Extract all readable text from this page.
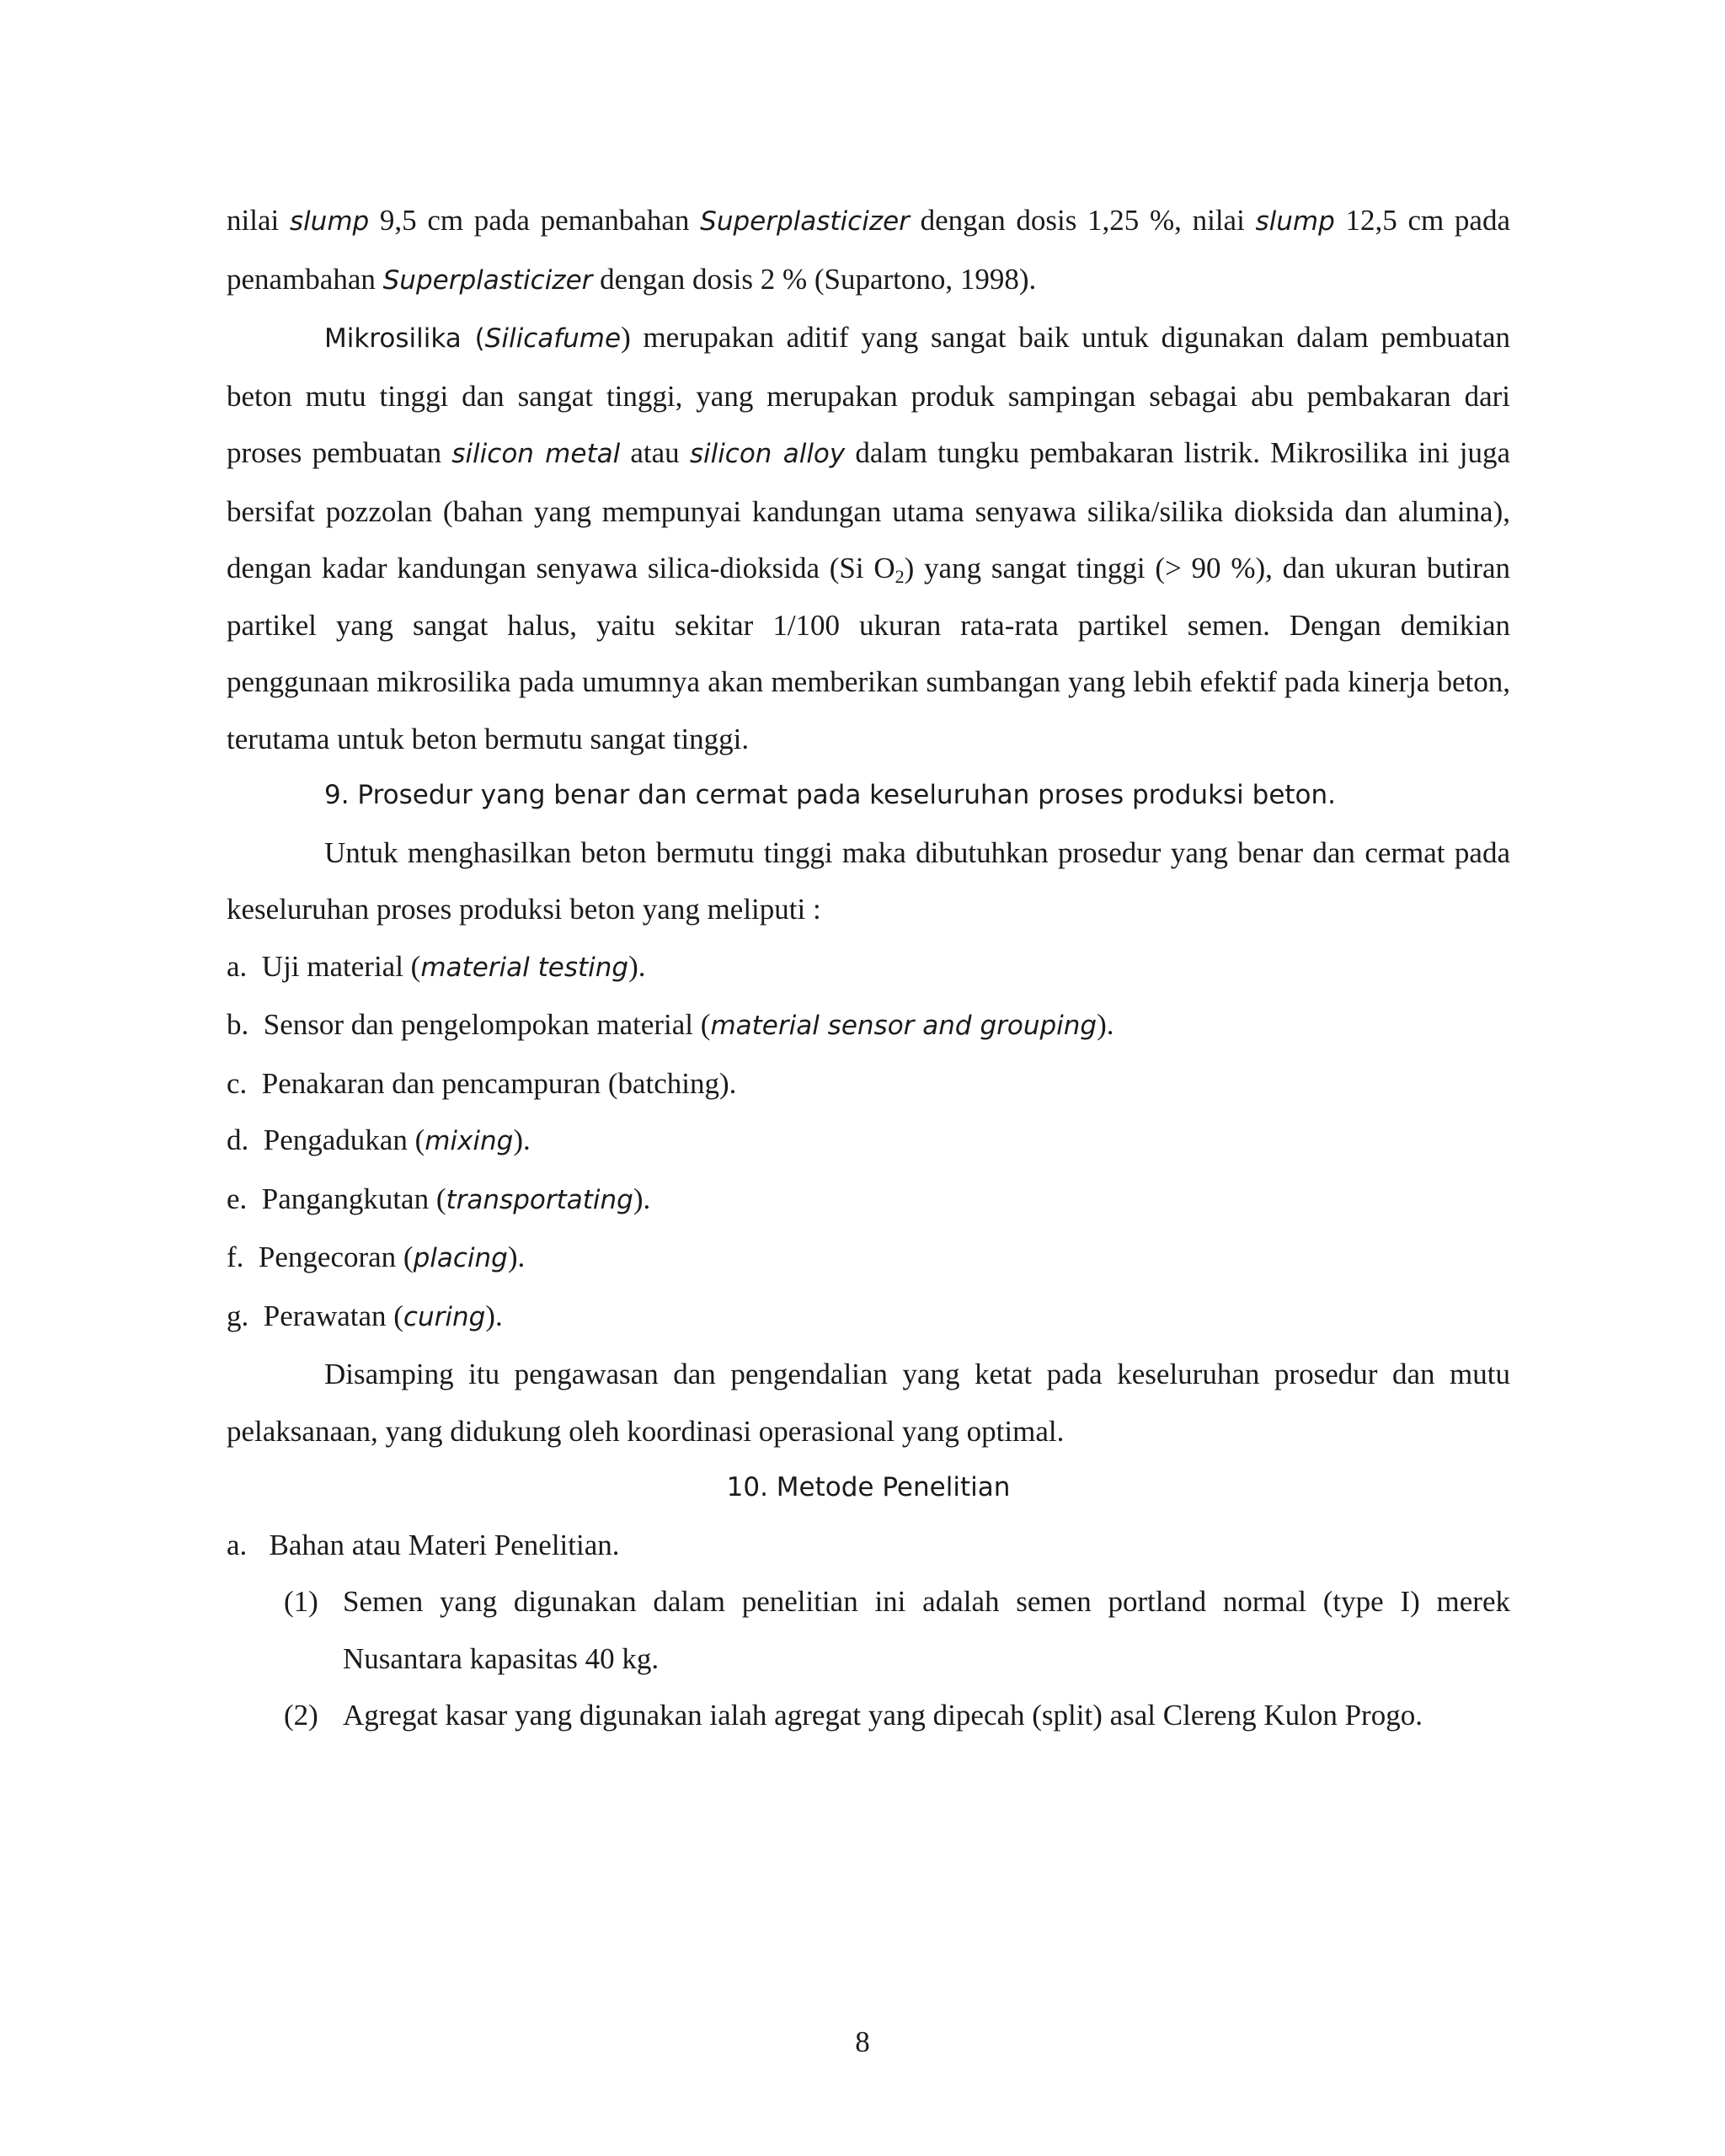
nilai slump 9,5 cm pada pemanbahan Superplasticizer dengan dosis 1,25 %, nilai slump 12,5 cm pada penambahan Superplasticizer dengan dosis 2 % (Supartono, 1998).

Mikrosilika (Silicafume) merupakan aditif yang sangat baik untuk digunakan dalam pembuatan beton mutu tinggi dan sangat tinggi, yang merupakan produk sampingan sebagai abu pembakaran dari proses pembuatan silicon metal atau silicon alloy dalam tungku pembakaran listrik. Mikrosilika ini juga bersifat pozzolan (bahan yang mempunyai kandungan utama senyawa silika/silika dioksida dan alumina), dengan kadar kandungan senyawa silica-dioksida (Si $O_2$) yang sangat tinggi (> 90 %), dan ukuran butiran partikel yang sangat halus, yaitu sekitar 1/100 ukuran rata-rata partikel semen. Dengan demikian penggunaan mikrosilika pada umumnya akan memberikan sumbangan yang lebih efektif pada kinerja beton, terutama untuk beton bermutu sangat tinggi.

9. Prosedur yang benar dan cermat pada keseluruhan proses produksi beton.

Untuk menghasilkan beton bermutu tinggi maka dibutuhkan prosedur yang benar dan cermat pada keseluruhan proses produksi beton yang meliputi :

a. Uji material (material testing).

b. Sensor dan pengelompokan material (material sensor and grouping).

c. Penakaran dan pencampuran (batching).

d. Pengadukan (mixing).

e. Pangangkutan (transportating).

f. Pengecoran (placing).

g. Perawatan (curing).

Disamping itu pengawasan dan pengendalian yang ketat pada keseluruhan prosedur dan mutu pelaksanaan, yang didukung oleh koordinasi operasional yang optimal.

10. Metode Penelitian

a. Bahan atau Materi Penelitian.

(1) Semen yang digunakan dalam penelitian ini adalah semen portland normal (type I) merek Nusantara kapasitas 40 kg.

(2) Agregat kasar yang digunakan ialah agregat yang dipecah (split) asal Clereng Kulon Progo.

8
